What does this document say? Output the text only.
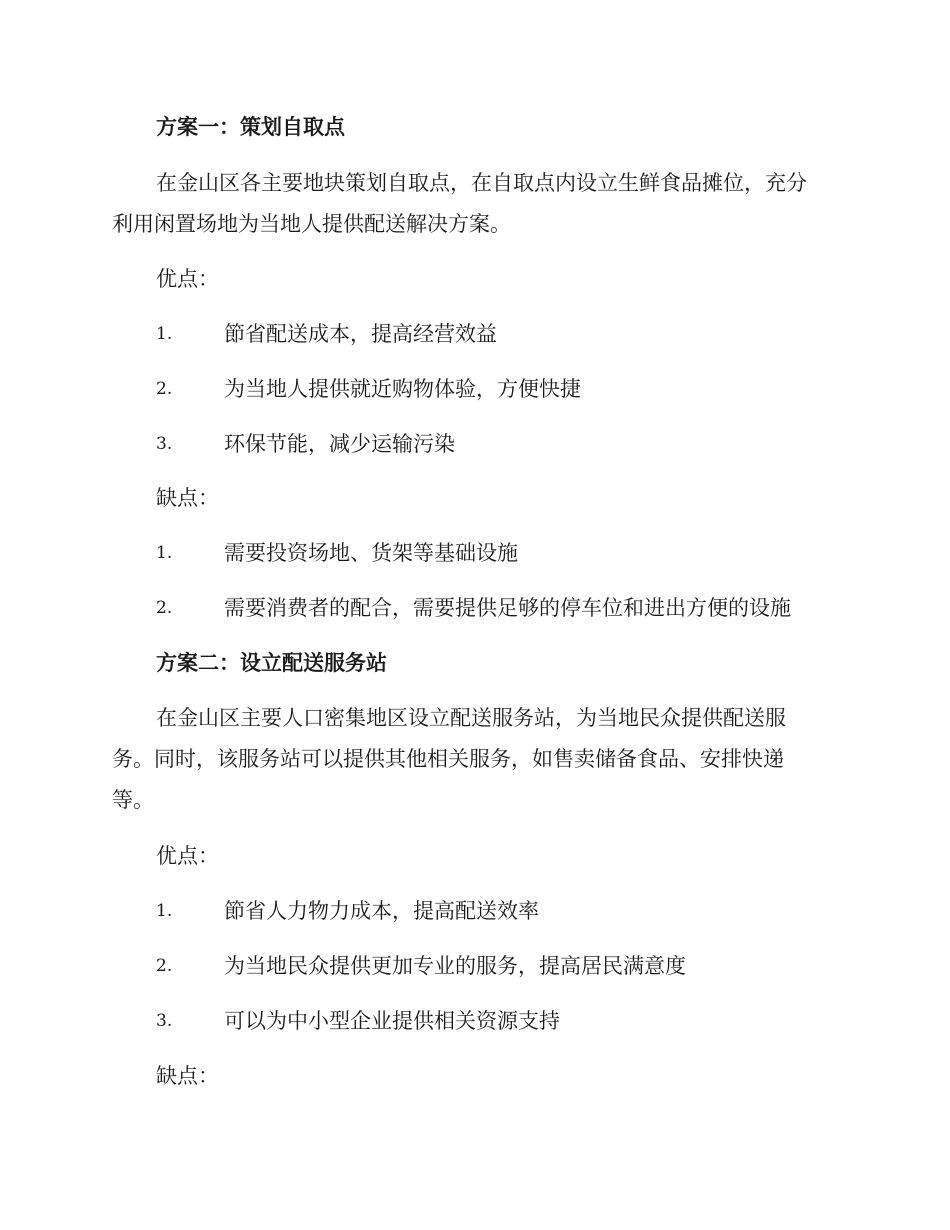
方案一：策划自取点
在金山区各主要地块策划自取点，在自取点内设立生鲜食品摊位，充分
利用闲置场地为当地人提供配送解决方案。
优点：
1. 節省配送成本，提高经营效益
2. 为当地人提供就近购物体验，方便快捷
3. 环保节能，减少运输污染
缺点：
1. 需要投资场地、货架等基础设施
2. 需要消费者的配合，需要提供足够的停车位和进出方便的设施
方案二：设立配送服务站
在金山区主要人口密集地区设立配送服务站，为当地民众提供配送服
务。同时，该服务站可以提供其他相关服务，如售卖储备食品、安排快递
等。
优点：
1. 節省人力物力成本，提高配送效率
2. 为当地民众提供更加专业的服务，提高居民满意度
3. 可以为中小型企业提供相关资源支持
缺点：
